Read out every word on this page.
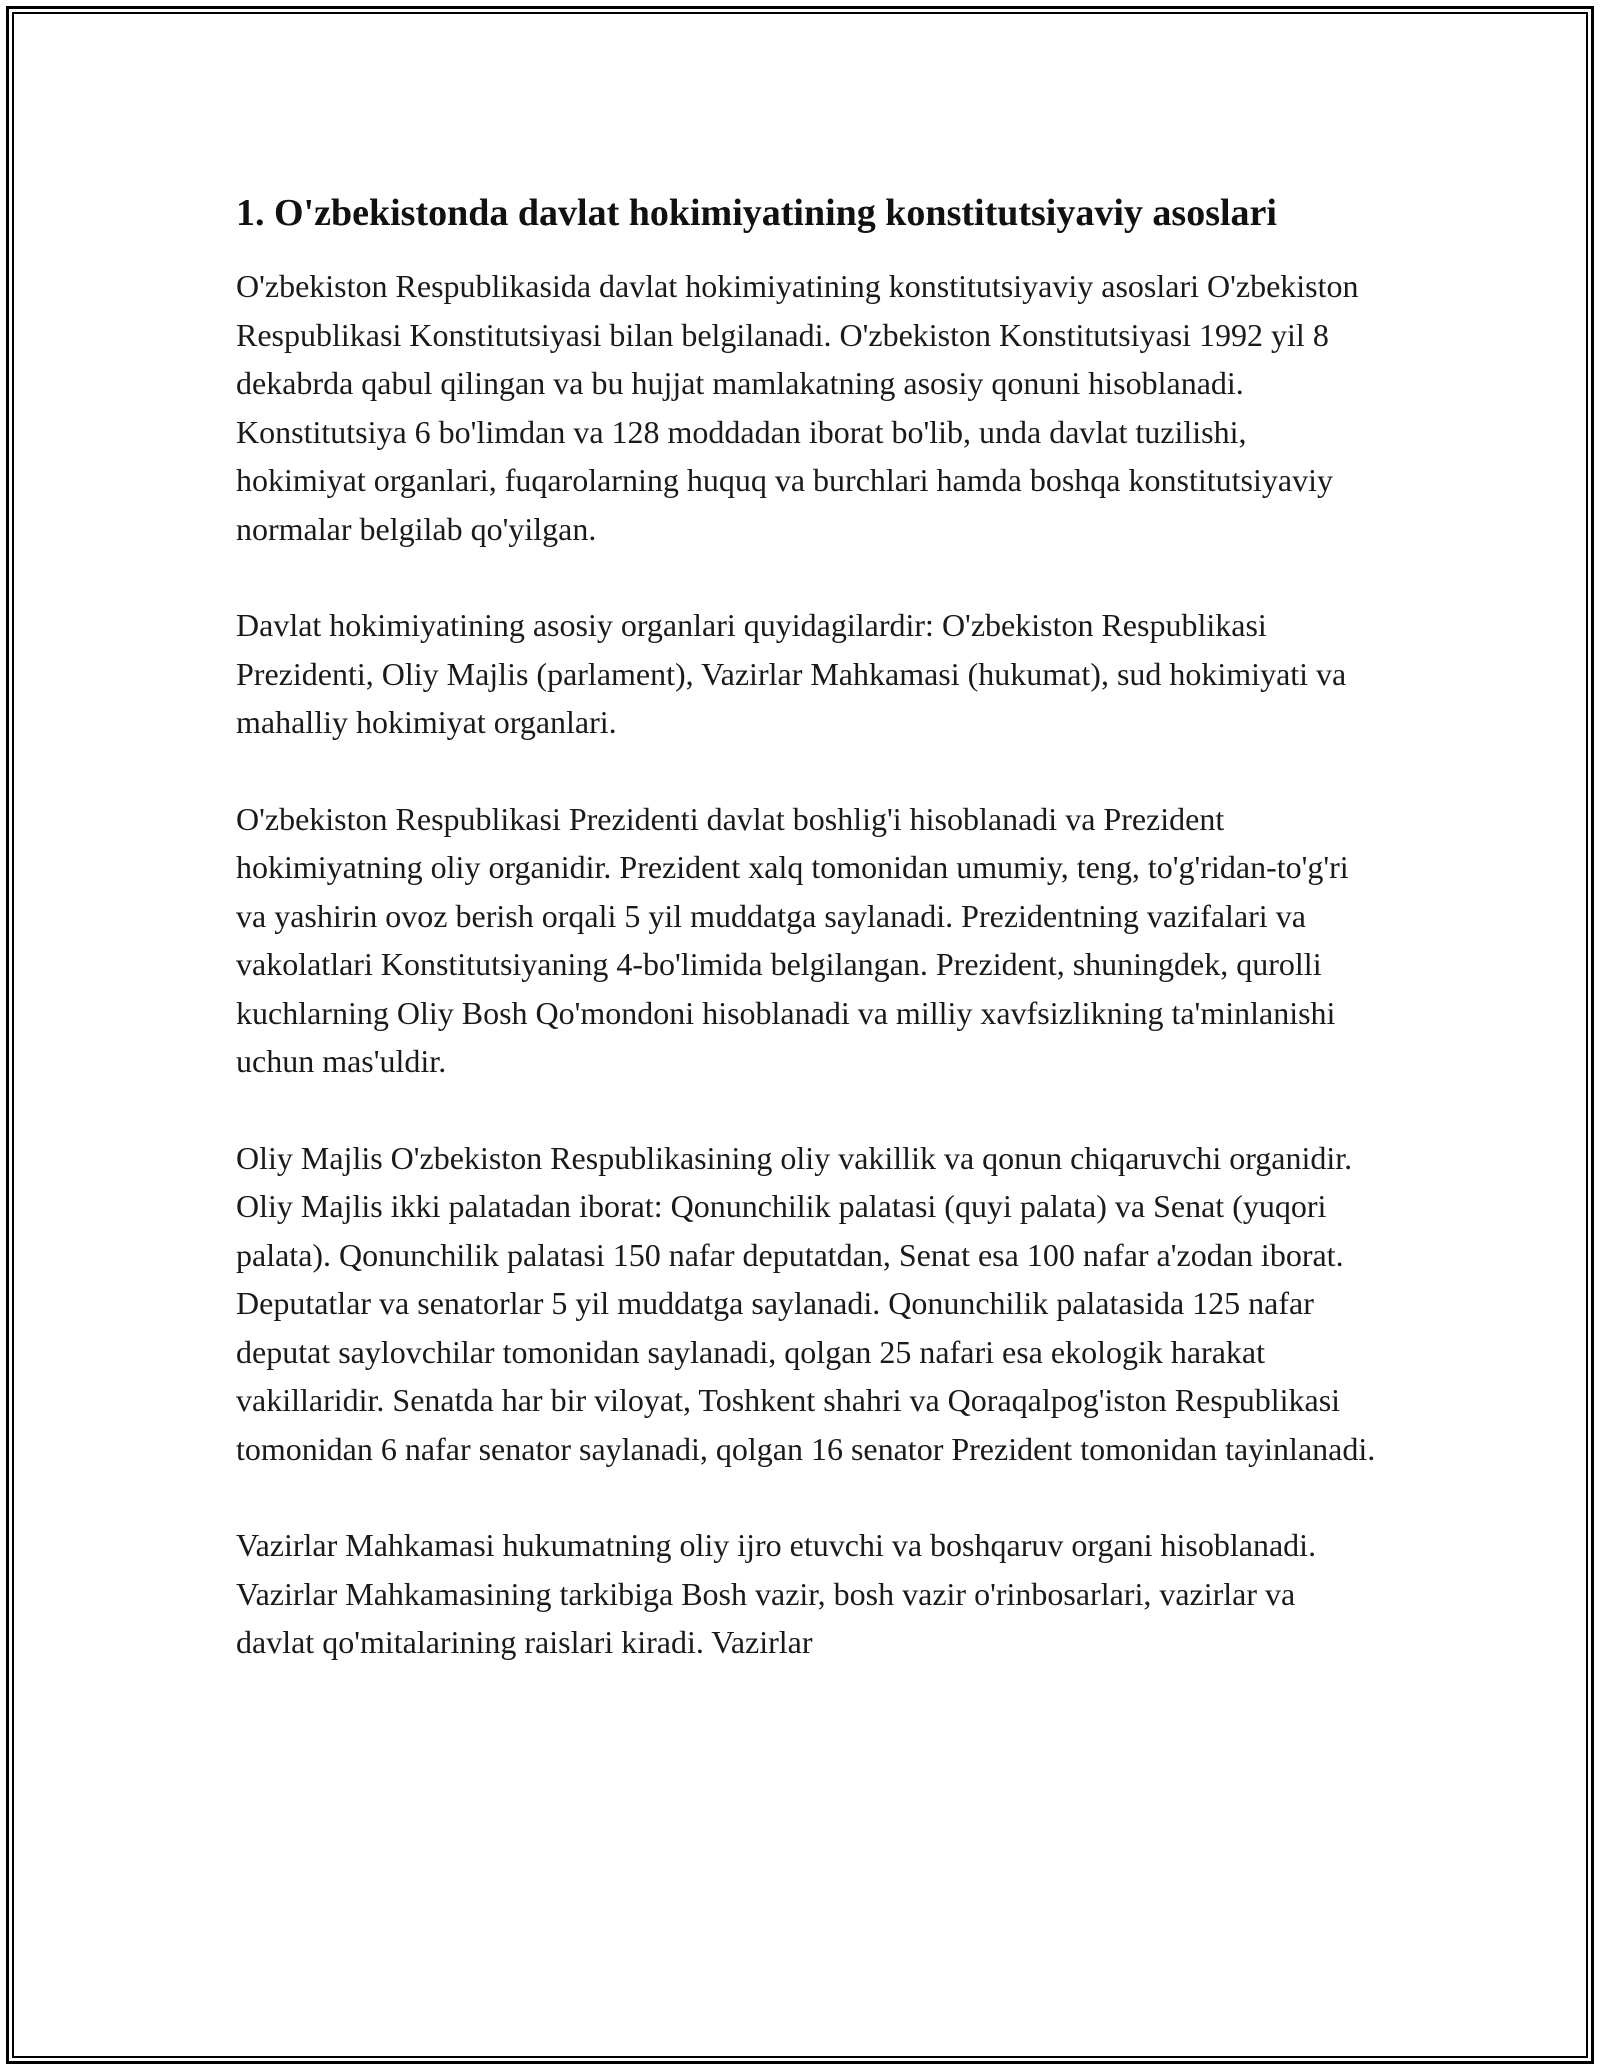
1. O'zbekistonda davlat hokimiyatining konstitutsiyaviy asoslari

O'zbekiston Respublikasida davlat hokimiyatining konstitutsiyaviy asoslari O'zbekiston Respublikasi Konstitutsiyasi bilan belgilanadi. O'zbekiston Konstitutsiyasi 1992 yil 8 dekabrda qabul qilingan va bu hujjat mamlakatning asosiy qonuni hisoblanadi. Konstitutsiya 6 bo'limdan va 128 moddadan iborat bo'lib, unda davlat tuzilishi, hokimiyat organlari, fuqarolarning huquq va burchlari hamda boshqa konstitutsiyaviy normalar belgilab qo'yilgan.

Davlat hokimiyatining asosiy organlari quyidagilardir: O'zbekiston Respublikasi Prezidenti, Oliy Majlis (parlament), Vazirlar Mahkamasi (hukumat), sud hokimiyati va mahalliy hokimiyat organlari.

O'zbekiston Respublikasi Prezidenti davlat boshlig'i hisoblanadi va Prezident hokimiyatning oliy organidir. Prezident xalq tomonidan umumiy, teng, to'g'ridan-to'g'ri va yashirin ovoz berish orqali 5 yil muddatga saylanadi. Prezidentning vazifalari va vakolatlari Konstitutsiyaning 4-bo'limida belgilangan. Prezident, shuningdek, qurolli kuchlarning Oliy Bosh Qo'mondoni hisoblanadi va milliy xavfsizlikning ta'minlanishi uchun mas'uldir.

Oliy Majlis O'zbekiston Respublikasining oliy vakillik va qonun chiqaruvchi organidir. Oliy Majlis ikki palatadan iborat: Qonunchilik palatasi (quyi palata) va Senat (yuqori palata). Qonunchilik palatasi 150 nafar deputatdan, Senat esa 100 nafar a'zodan iborat. Deputatlar va senatorlar 5 yil muddatga saylanadi. Qonunchilik palatasida 125 nafar deputat saylovchilar tomonidan saylanadi, qolgan 25 nafari esa ekologik harakat vakillaridir. Senatda har bir viloyat, Toshkent shahri va Qoraqalpog'iston Respublikasi tomonidan 6 nafar senator saylanadi, qolgan 16 senator Prezident tomonidan tayinlanadi.

Vazirlar Mahkamasi hukumatning oliy ijro etuvchi va boshqaruv organi hisoblanadi. Vazirlar Mahkamasining tarkibiga Bosh vazir, bosh vazir o'rinbosarlari, vazirlar va davlat qo'mitalarining raislari kiradi. Vazirlar
